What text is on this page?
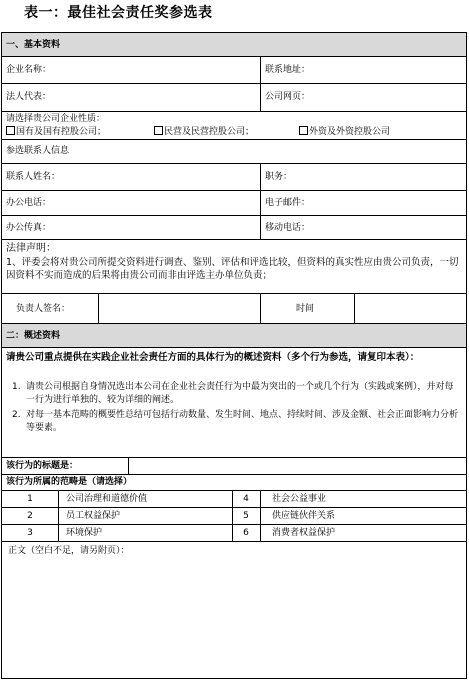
表一：最佳社会责任奖参选表
一、基本资料
企业名称：	联系地址：
法人代表：	公司网页：
请选择贵公司企业性质：
国有及国有控股公司；	民营及民营控股公司；	外资及外资控股公司
参选联系人信息
联系人姓名：	职务：
办公电话：	电子邮件：
办公传真：	移动电话：
法律声明：
1、评委会将对贵公司所提交资料进行调查、鉴别、评估和评选比较，但资料的真实性应由贵公司负责，一切因资料不实而造成的后果将由贵公司而非由评选主办单位负责；
负责人签名：	时间
二：概述资料
请贵公司重点提供在实践企业社会责任方面的具体行为的概述资料（多个行为参选，请复印本表）：
1. 请贵公司根据自身情况选出本公司在企业社会责任行为中最为突出的一个或几个行为（实践或案例），并对每一行为进行单独的、较为详细的阐述。
2. 对每一基本范畴的概要性总结可包括行动数量、发生时间、地点、持续时间、涉及金额、社会正面影响力分析等要素。
该行为的标题是：
该行为所属的范畴是（请选择）
1	公司治理和道德价值	4	社会公益事业
2	员工权益保护	5	供应链伙伴关系
3	环境保护	6	消费者权益保护
正文（空白不足，请另附页）：
